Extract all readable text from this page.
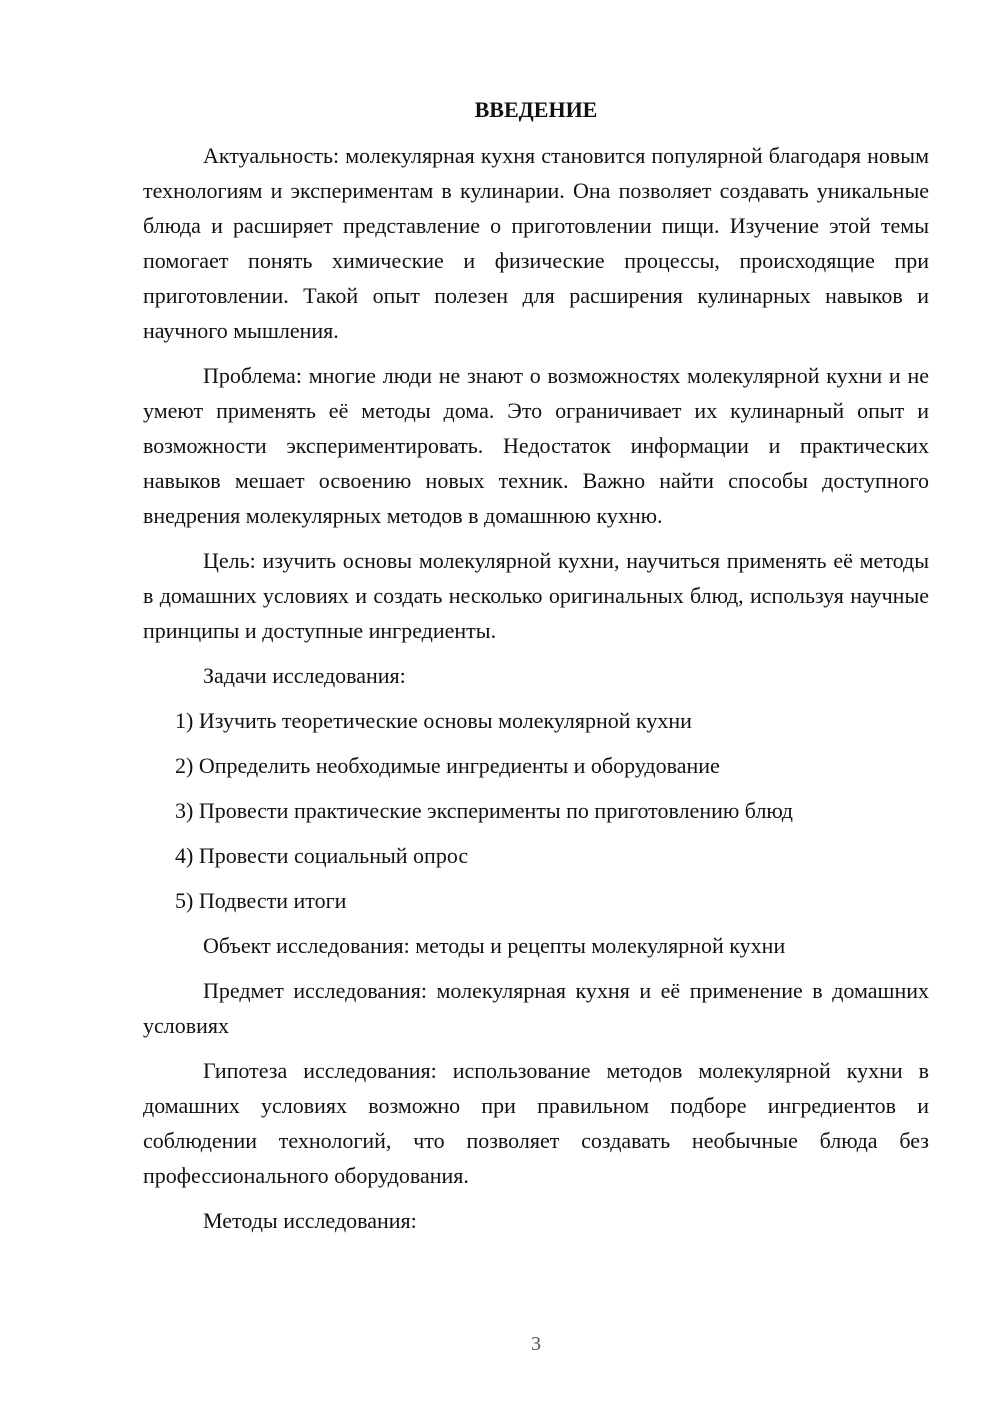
ВВЕДЕНИЕ

Актуальность: молекулярная кухня становится популярной благодаря новым технологиям и экспериментам в кулинарии. Она позволяет создавать уникальные блюда и расширяет представление о приготовлении пищи. Изучение этой темы помогает понять химические и физические процессы, происходящие при приготовлении. Такой опыт полезен для расширения кулинарных навыков и научного мышления.

Проблема: многие люди не знают о возможностях молекулярной кухни и не умеют применять её методы дома. Это ограничивает их кулинарный опыт и возможности экспериментировать. Недостаток информации и практических навыков мешает освоению новых техник. Важно найти способы доступного внедрения молекулярных методов в домашнюю кухню.

Цель: изучить основы молекулярной кухни, научиться применять её методы в домашних условиях и создать несколько оригинальных блюд, используя научные принципы и доступные ингредиенты.

Задачи исследования:

1) Изучить теоретические основы молекулярной кухни

2) Определить необходимые ингредиенты и оборудование

3) Провести практические эксперименты по приготовлению блюд

4) Провести социальный опрос

5) Подвести итоги

Объект исследования: методы и рецепты молекулярной кухни

Предмет исследования: молекулярная кухня и её применение в домашних условиях

Гипотеза исследования: использование методов молекулярной кухни в домашних условиях возможно при правильном подборе ингредиентов и соблюдении технологий, что позволяет создавать необычные блюда без профессионального оборудования.

Методы исследования:

3
